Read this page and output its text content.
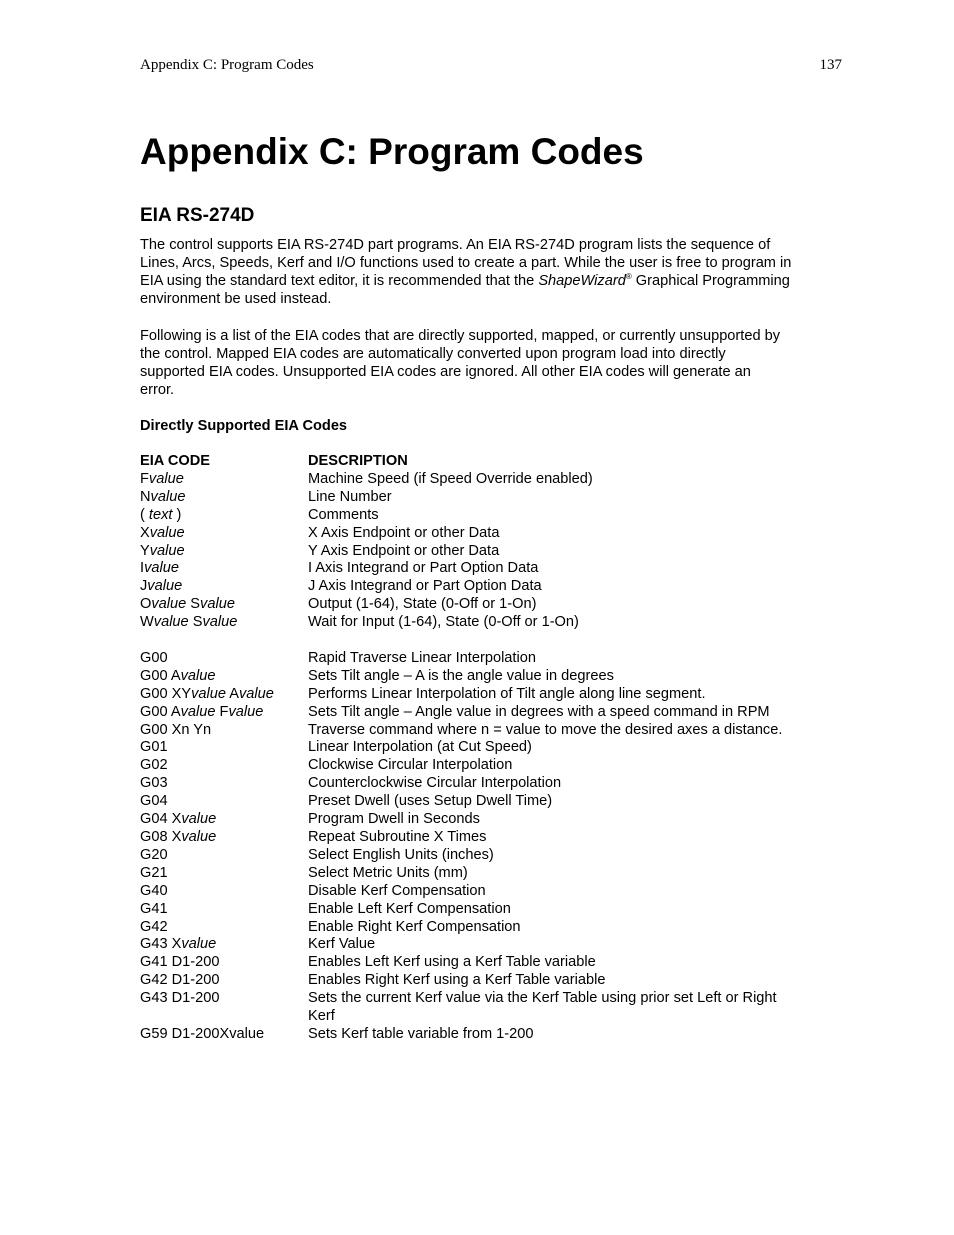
Appendix C: Program Codes	137
Appendix C: Program Codes
EIA RS-274D

The control supports EIA RS-274D part programs. An EIA RS-274D program lists the sequence of
Lines, Arcs, Speeds, Kerf and I/O functions used to create a part. While the user is free to program in
EIA using the standard text editor, it is recommended that the ShapeWizard® Graphical Programming
environment be used instead.

Following is a list of the EIA codes that are directly supported, mapped, or currently unsupported by
the control. Mapped EIA codes are automatically converted upon program load into directly
supported EIA codes. Unsupported EIA codes are ignored. All other EIA codes will generate an
error.

Directly Supported EIA Codes
EIA CODE	DESCRIPTION
Fvalue	Machine Speed (if Speed Override enabled)
Nvalue	Line Number
( text )	Comments
Xvalue	X Axis Endpoint or other Data
Yvalue	Y Axis Endpoint or other Data
Ivalue	I Axis Integrand or Part Option Data
Jvalue	J Axis Integrand or Part Option Data
Ovalue Svalue	Output (1-64), State (0-Off or 1-On)
Wvalue Svalue	Wait for Input (1-64), State (0-Off or 1-On)
G00	Rapid Traverse Linear Interpolation
G00 Avalue	Sets Tilt angle – A is the angle value in degrees
G00 XYvalue Avalue	Performs Linear Interpolation of Tilt angle along line segment.
G00 Avalue Fvalue	Sets Tilt angle – Angle value in degrees with a speed command in RPM
G00 Xn Yn	Traverse command where n = value to move the desired axes a distance.
G01	Linear Interpolation (at Cut Speed)
G02	Clockwise Circular Interpolation
G03	Counterclockwise Circular Interpolation
G04	Preset Dwell (uses Setup Dwell Time)
G04 Xvalue	Program Dwell in Seconds
G08 Xvalue	Repeat Subroutine X Times
G20	Select English Units (inches)
G21	Select Metric Units (mm)
G40	Disable Kerf Compensation
G41	Enable Left Kerf Compensation
G42	Enable Right Kerf Compensation
G43 Xvalue	Kerf Value
G41 D1-200	Enables Left Kerf using a Kerf Table variable
G42 D1-200	Enables Right Kerf using a Kerf Table variable
G43 D1-200	Sets the current Kerf value via the Kerf Table using prior set Left or Right
Kerf
G59 D1-200Xvalue	Sets Kerf table variable from 1-200
